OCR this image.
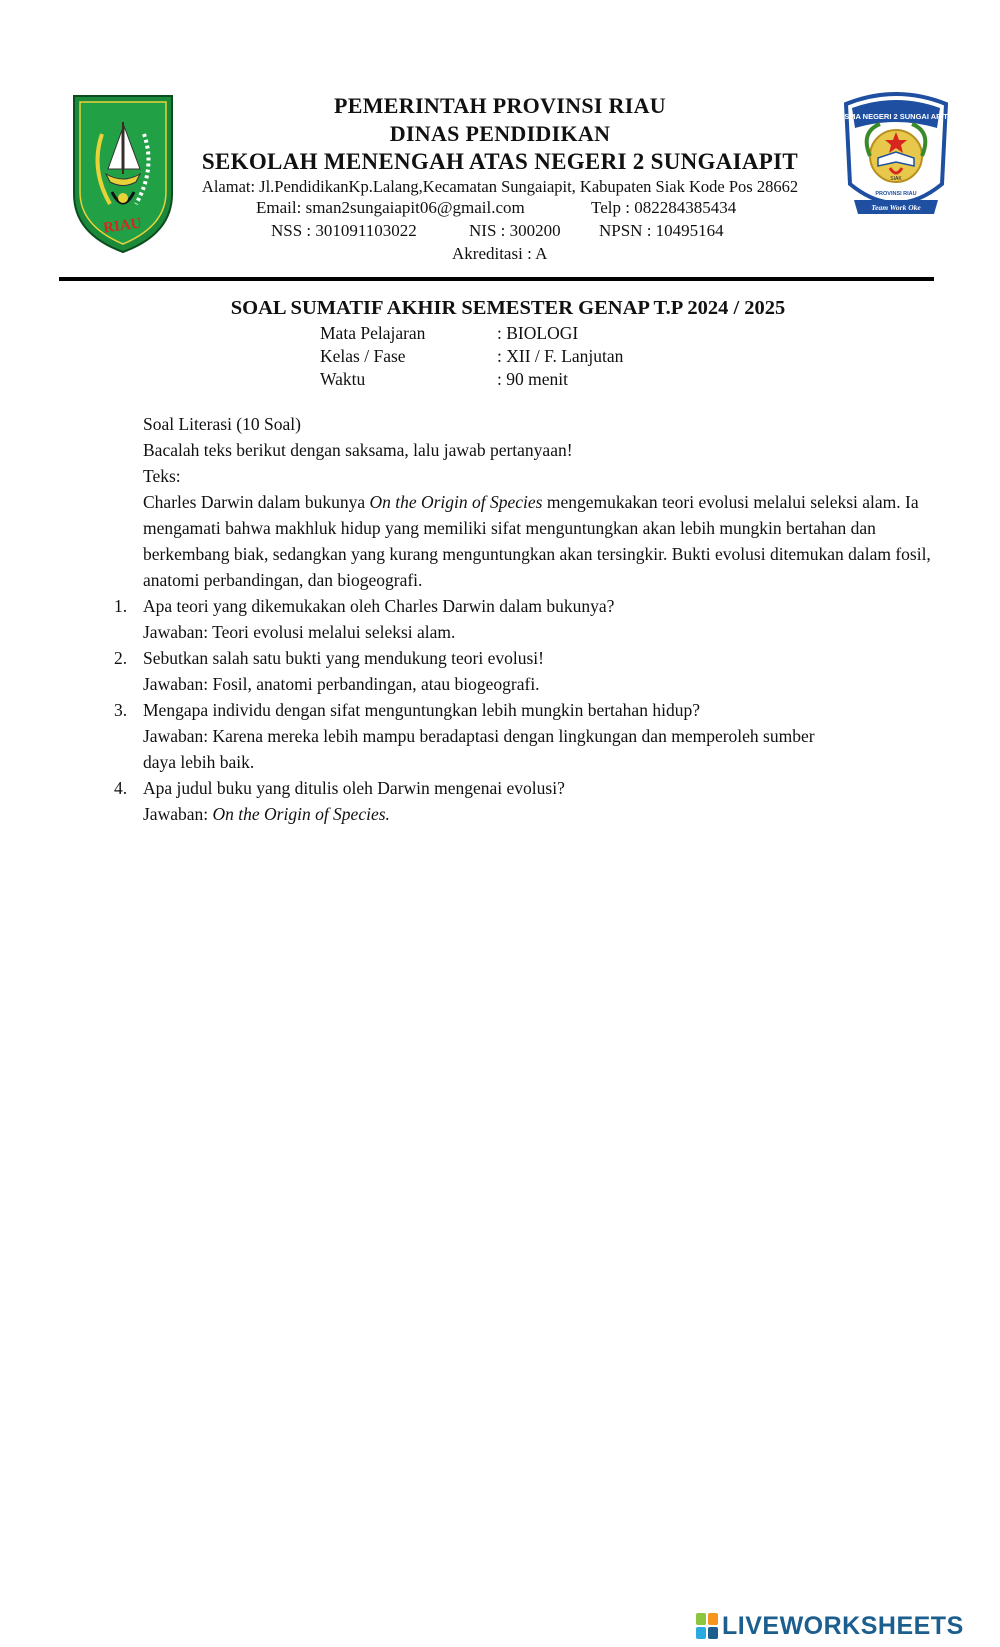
RIAU
SMA NEGERI 2 SUNGAI APIT
SIAK
PROVINSI RIAU
Team Work Oke
PEMERINTAH PROVINSI RIAU
DINAS PENDIDIKAN
SEKOLAH MENENGAH ATAS NEGERI 2 SUNGAIAPIT
Alamat: Jl.PendidikanKp.Lalang,Kecamatan Sungaiapit, Kabupaten Siak Kode Pos 28662
Email: sman2sungaiapit06@gmail.com	Telp : 082284385434
NSS : 301091103022	NIS : 300200 NPSN : 10495164
Akreditasi : A
SOAL SUMATIF AKHIR SEMESTER GENAP T.P 2024 / 2025
Mata Pelajaran	: BIOLOGI
Kelas / Fase	: XII / F. Lanjutan
Waktu	: 90 menit
Soal Literasi (10 Soal)
Bacalah teks berikut dengan saksama, lalu jawab pertanyaan!
Teks:
Charles Darwin dalam bukunya On the Origin of Species mengemukakan teori evolusi melalui seleksi alam. Ia mengamati bahwa makhluk hidup yang memiliki sifat menguntungkan akan lebih mungkin bertahan dan berkembang biak, sedangkan yang kurang menguntungkan akan tersingkir. Bukti evolusi ditemukan dalam fosil, anatomi perbandingan, dan biogeografi.
1. Apa teori yang dikemukakan oleh Charles Darwin dalam bukunya?
Jawaban: Teori evolusi melalui seleksi alam.
2. Sebutkan salah satu bukti yang mendukung teori evolusi!
Jawaban: Fosil, anatomi perbandingan, atau biogeografi.
3. Mengapa individu dengan sifat menguntungkan lebih mungkin bertahan hidup?
Jawaban: Karena mereka lebih mampu beradaptasi dengan lingkungan dan memperoleh sumber
daya lebih baik.
4. Apa judul buku yang ditulis oleh Darwin mengenai evolusi?
Jawaban: On the Origin of Species.
LIVEWORKSHEETS
